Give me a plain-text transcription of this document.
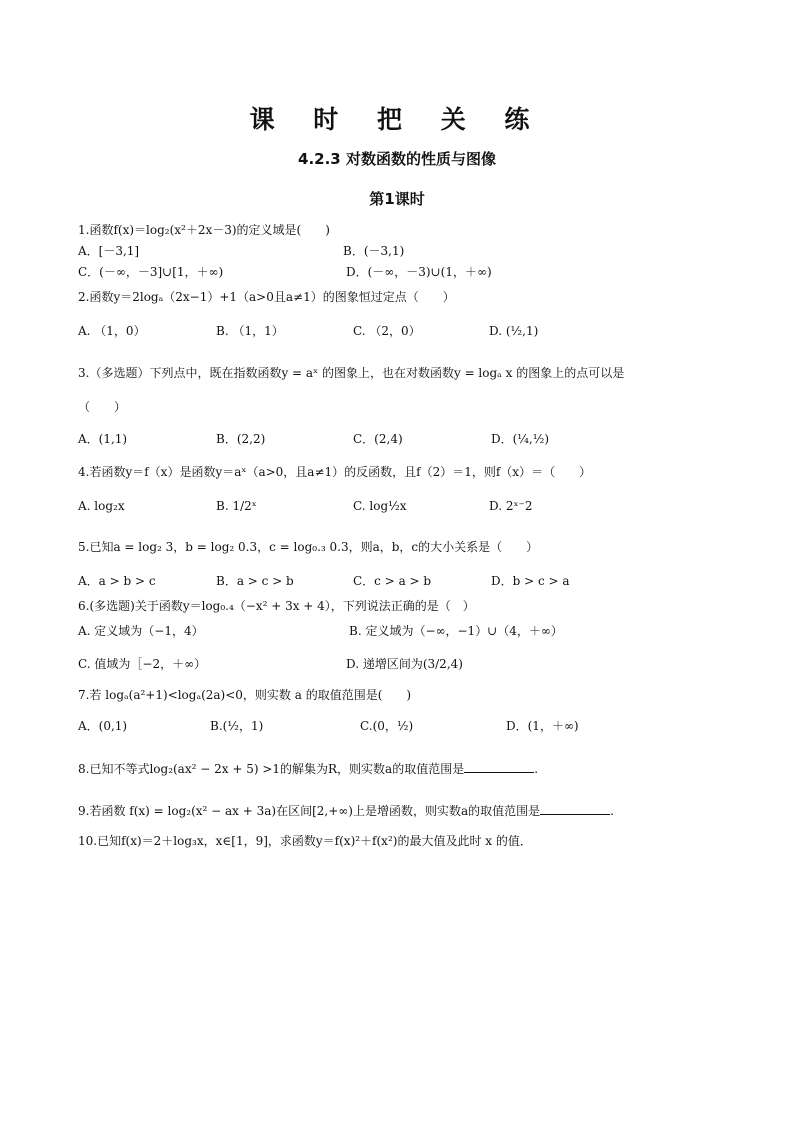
课 时 把 关 练
4.2.3 对数函数的性质与图像
第1课时
1.函数f(x)＝log₂(x²＋2x－3)的定义域是(　　)
A．[－3,1]	B．(－3,1)
C．(－∞，－3]∪[1，＋∞)	D．(－∞，－3)∪(1，＋∞)
2.函数y＝2logₐ（2x−1）+1（a>0且a≠1）的图象恒过定点（　　）
A. （1，0）	B. （1，1）	C. （2，0）	D. (½,1)
3.（多选题）下列点中，既在指数函数y = aˣ 的图象上，也在对数函数y = logₐ x 的图象上的点可以是
（　　）
A．(1,1)	B．(2,2)	C．(2,4)	D．(¼,½)
4.若函数y＝f（x）是函数y＝aˣ（a>0，且a≠1）的反函数，且f（2）＝1，则f（x）＝（　　）
A. log₂x	B. 1/2ˣ	C. log½x	D. 2ˣ⁻2
5.已知a = log₂ 3，b = log₂ 0.3，c = log₀.₃ 0.3，则a，b，c的大小关系是（　　）
A．a > b > c	B．a > c > b	C．c > a > b	D．b > c > a
6.(多选题)关于函数y＝log₀.₄（−x² + 3x + 4），下列说法正确的是（　）
A. 定义域为（−1，4）	B. 定义域为（−∞，−1）∪（4，＋∞）
C. 值域为［−2，＋∞）	D. 递增区间为(3/2,4)
7.若 logₐ(a²+1)<logₐ(2a)<0，则实数 a 的取值范围是(　　)
A．(0,1)	B.(½，1)	C.(0，½)	D．(1，＋∞)
8.已知不等式log₂(ax² − 2x + 5) >1的解集为R，则实数a的取值范围是	.
9.若函数 f(x) = log₂(x² − ax + 3a)在区间[2,+∞)上是增函数，则实数a的取值范围是	.
10.已知f(x)＝2＋log₃x，x∈[1，9]，求函数y＝f(x)²＋f(x²)的最大值及此时 x 的值．
